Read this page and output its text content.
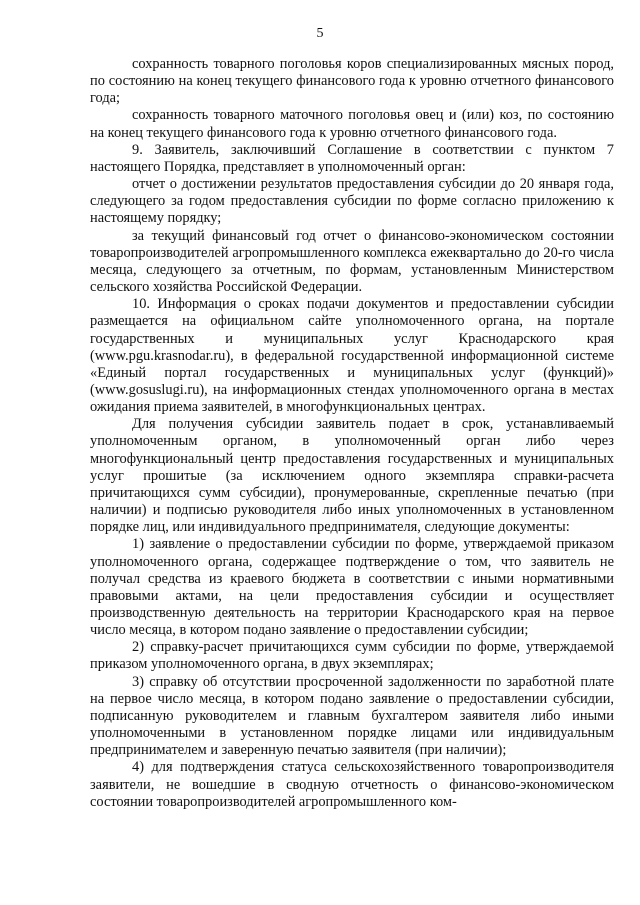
5

сохранность товарного поголовья коров специализированных мясных пород, по состоянию на конец текущего финансового года к уровню отчетного финансового года;

сохранность товарного маточного поголовья овец и (или) коз, по состоянию на конец текущего финансового года к уровню отчетного финансового года.

9. Заявитель, заключивший Соглашение в соответствии с пунктом 7 настоящего Порядка, представляет в уполномоченный орган:

отчет о достижении результатов предоставления субсидии до 20 января года, следующего за годом предоставления субсидии по форме согласно приложению к настоящему порядку;

за текущий финансовый год отчет о финансово-экономическом состоянии товаропроизводителей агропромышленного комплекса ежеквартально до 20-го числа месяца, следующего за отчетным, по формам, установленным Министерством сельского хозяйства Российской Федерации.

10. Информация о сроках подачи документов и предоставлении субсидии размещается на официальном сайте уполномоченного органа, на портале государственных и муниципальных услуг Краснодарского края (www.pgu.krasnodar.ru), в федеральной государственной информационной системе «Единый портал государственных и муниципальных услуг (функций)» (www.gosuslugi.ru), на информационных стендах уполномоченного органа в местах ожидания приема заявителей, в многофункциональных центрах.

Для получения субсидии заявитель подает в срок, устанавливаемый уполномоченным органом, в уполномоченный орган либо через многофункциональный центр предоставления государственных и муниципальных услуг прошитые (за исключением одного экземпляра справки-расчета причитающихся сумм субсидии), пронумерованные, скрепленные печатью (при наличии) и подписью руководителя либо иных уполномоченных в установленном порядке лиц, или индивидуального предпринимателя, следующие документы:

1) заявление о предоставлении субсидии по форме, утверждаемой приказом уполномоченного органа, содержащее подтверждение о том, что заявитель не получал средства из краевого бюджета в соответствии с иными нормативными правовыми актами, на цели предоставления субсидии и осуществляет производственную деятельность на территории Краснодарского края на первое число месяца, в котором подано заявление о предоставлении субсидии;

2) справку-расчет причитающихся сумм субсидии по форме, утверждаемой приказом уполномоченного органа, в двух экземплярах;

3) справку об отсутствии просроченной задолженности по заработной плате на первое число месяца, в котором подано заявление о предоставлении субсидии, подписанную руководителем и главным бухгалтером заявителя либо иными уполномоченными в установленном порядке лицами или индивидуальным предпринимателем и заверенную печатью заявителя (при наличии);

4) для подтверждения статуса сельскохозяйственного товаропроизводителя заявители, не вошедшие в сводную отчетность о финансово-экономическом состоянии товаропроизводителей агропромышленного ком-
